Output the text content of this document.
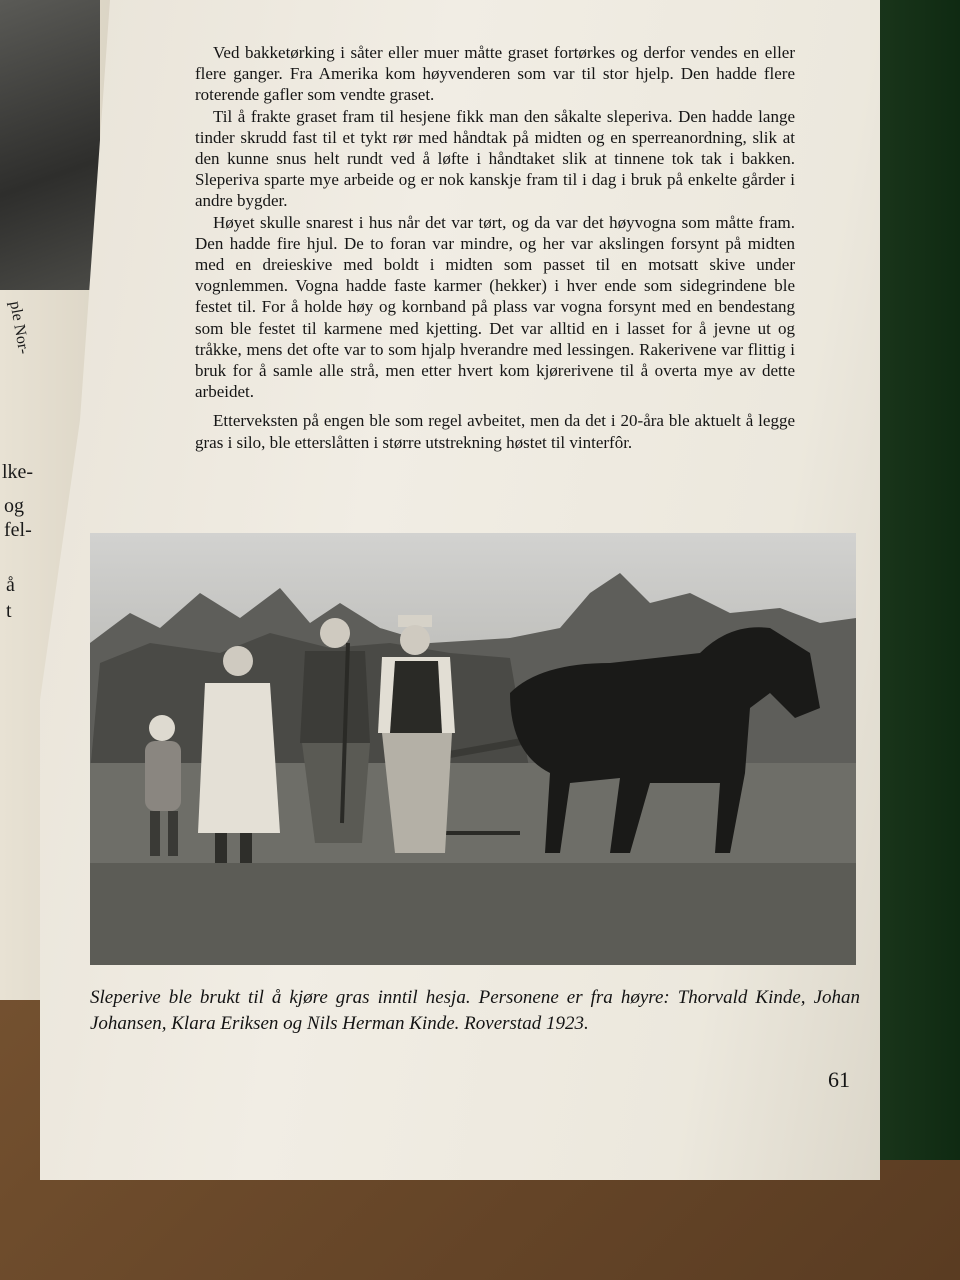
ple Nor-
lke-
og
fel-
å
t

Ved bakketørking i såter eller muer måtte graset fortørkes og derfor vendes en eller flere ganger. Fra Amerika kom høyvenderen som var til stor hjelp. Den hadde flere roterende gafler som vendte graset.

Til å frakte graset fram til hesjene fikk man den såkalte sleperiva. Den hadde lange tinder skrudd fast til et tykt rør med håndtak på midten og en sperreanordning, slik at den kunne snus helt rundt ved å løfte i håndtaket slik at tinnene tok tak i bakken. Sleperiva sparte mye arbeide og er nok kanskje fram til i dag i bruk på enkelte gårder i andre bygder.

Høyet skulle snarest i hus når det var tørt, og da var det høyvogna som måtte fram. Den hadde fire hjul. De to foran var mindre, og her var akslingen forsynt på midten med en dreieskive med boldt i midten som passet til en motsatt skive under vognlemmen. Vogna hadde faste karmer (hekker) i hver ende som sidegrindene ble festet til. For å holde høy og kornband på plass var vogna forsynt med en bendestang som ble festet til karmene med kjetting. Det var alltid en i lasset for å jevne ut og tråkke, mens det ofte var to som hjalp hverandre med lessingen. Rakerivene var flittig i bruk for å samle alle strå, men etter hvert kom kjørerivene til å overta mye av dette arbeidet.

Etterveksten på engen ble som regel avbeitet, men da det i 20-åra ble aktuelt å legge gras i silo, ble etterslåtten i større utstrekning høstet til vinterfôr.

Sleperive ble brukt til å kjøre gras inntil hesja. Personene er fra høyre: Thorvald Kinde, Johan Johansen, Klara Eriksen og Nils Herman Kinde. Roverstad 1923.
61
